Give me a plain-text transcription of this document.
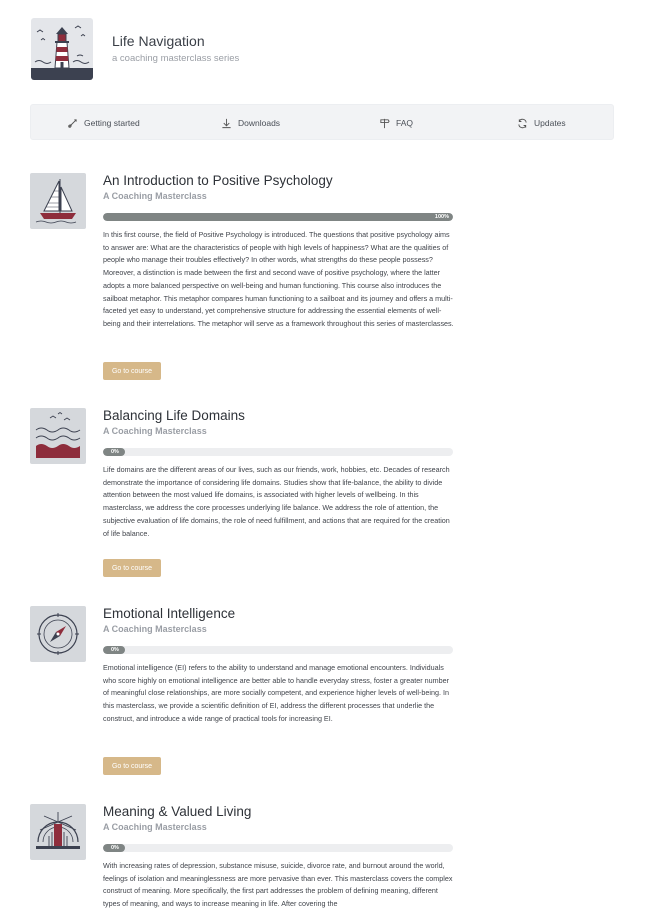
Life Navigation
a coaching masterclass series
Getting started	Downloads	FAQ	Updates
An Introduction to Positive Psychology
A Coaching Masterclass
100%
In this first course, the field of Positive Psychology is introduced. The questions that positive psychology aims to answer are: What are the characteristics of people with high levels of happiness? What are the qualities of people who manage their troubles effectively? In other words, what strengths do these people possess? Moreover, a distinction is made between the first and second wave of positive psychology, where the latter adopts a more balanced perspective on well-being and human functioning. This course also introduces the sailboat metaphor. This metaphor compares human functioning to a sailboat and its journey and offers a multi-faceted yet easy to understand, yet comprehensive structure for addressing the essential elements of well-being and their interrelations. The metaphor will serve as a framework throughout this series of masterclasses.
Go to course
Balancing Life Domains
A Coaching Masterclass
0%
Life domains are the different areas of our lives, such as our friends, work, hobbies, etc. Decades of research demonstrate the importance of considering life domains. Studies show that life-balance, the ability to divide attention between the most valued life domains, is associated with higher levels of wellbeing. In this masterclass, we address the core processes underlying life balance. We address the role of attention, the subjective evaluation of life domains, the role of need fulfillment, and actions that are required for the creation of life balance.
Go to course
Emotional Intelligence
A Coaching Masterclass
0%
Emotional intelligence (EI) refers to the ability to understand and manage emotional encounters. Individuals who score highly on emotional intelligence are better able to handle everyday stress, foster a greater number of meaningful close relationships, are more socially competent, and experience higher levels of well-being. In this masterclass, we provide a scientific definition of EI, address the different processes that underlie the construct, and introduce a wide range of practical tools for increasing EI.
Go to course
Meaning & Valued Living
A Coaching Masterclass
0%
With increasing rates of depression, substance misuse, suicide, divorce rate, and burnout around the world, feelings of isolation and meaninglessness are more pervasive than ever. This masterclass covers the complex construct of meaning. More specifically, the first part addresses the problem of defining meaning, different types of meaning, and ways to increase meaning in life. After covering the
